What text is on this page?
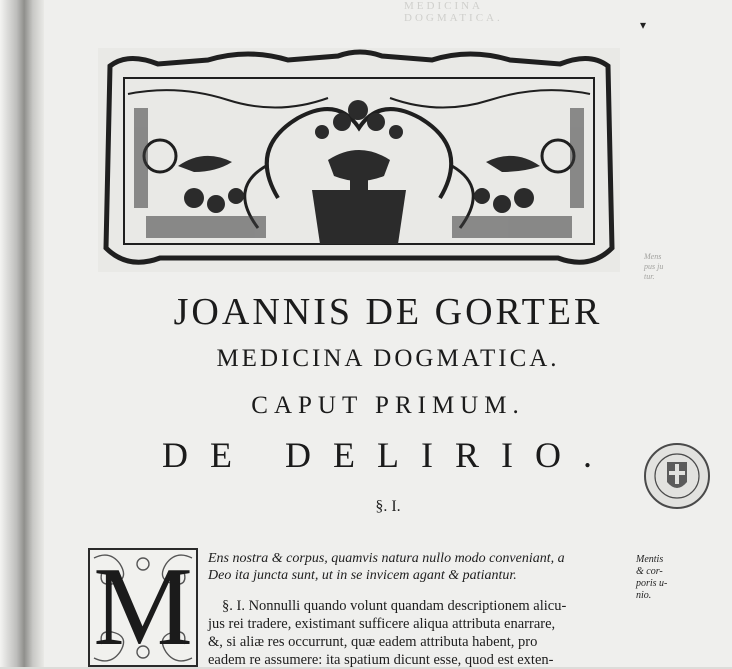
MEDICINA DOGMATICA.	▾
JOANNIS DE GORTER
MEDICINA DOGMATICA.
CAPUT PRIMUM.
DE DELIRIO.
§. I.
M Ens nostra & corpus, quamvis natura nullo modo conveniant, a

Deo ita juncta sunt, ut in se invicem agant & patiantur.

§. I. Nonnulli quando volunt quandam descriptionem alicu-

jus rei tradere, existimant sufficere aliqua attributa enarrare,

&, si aliæ res occurrunt, quæ eadem attributa habent, pro

eadem re assumere: ita spatium dicunt esse, quod est exten-

Mentis

& cor-

poris u-

nio.

Mens

pus ju

tur.
